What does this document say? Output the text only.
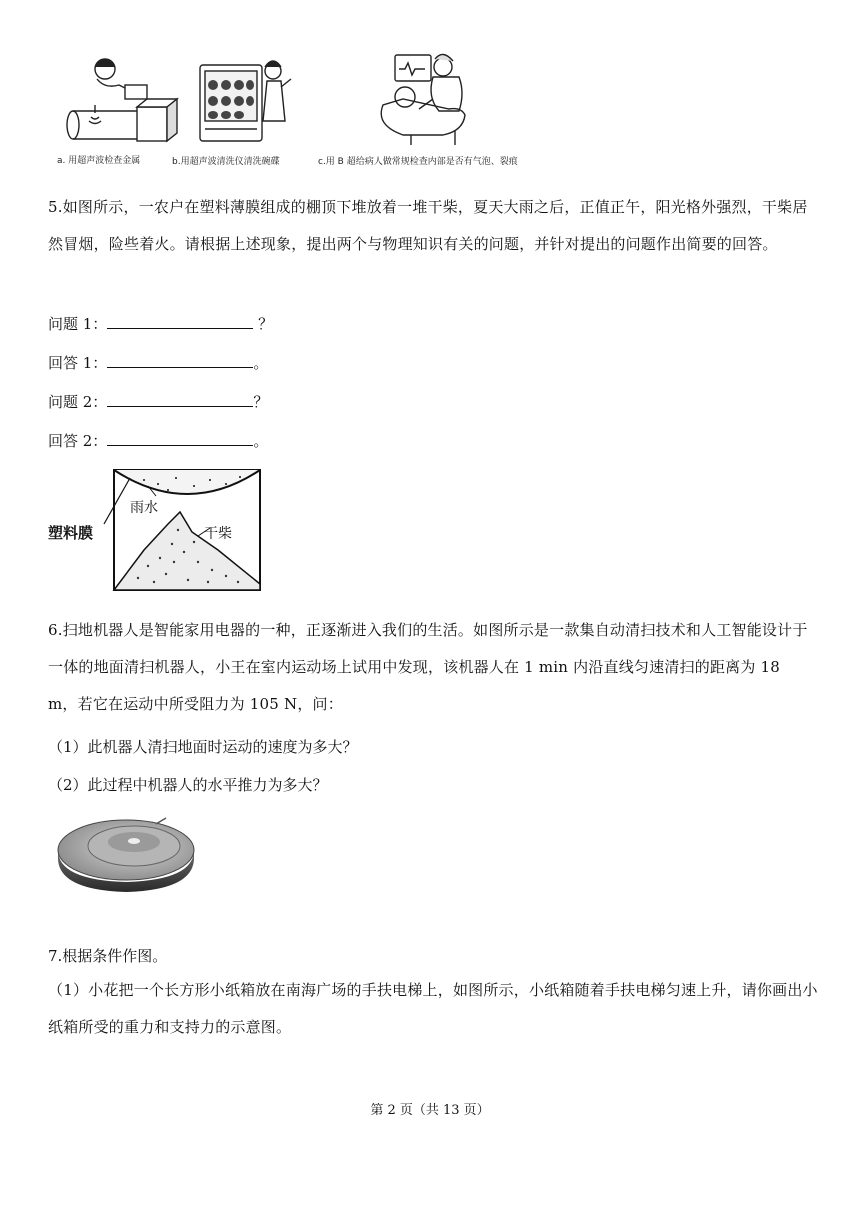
a. 用超声波检查金属	b.用超声波清洗仪清洗碗碟	c.用 B 超给病人做常规检查内部是否有气泡、裂痕
5.如图所示，一农户在塑料薄膜组成的棚顶下堆放着一堆干柴，夏天大雨之后，正值正午，阳光格外强烈，干柴居然冒烟，险些着火。请根据上述现象，提出两个与物理知识有关的问题，并针对提出的问题作出简要的回答。
问题 1：	？
回答 1：	。
问题 2：	？
回答 2：	。
塑料膜
雨水
干柴
6.扫地机器人是智能家用电器的一种，正逐渐进入我们的生活。如图所示是一款集自动清扫技术和人工智能设计于一体的地面清扫机器人，小王在室内运动场上试用中发现，该机器人在 1 min 内沿直线匀速清扫的距离为 18 m，若它在运动中所受阻力为 105 N，问：
（1）此机器人清扫地面时运动的速度为多大？
（2）此过程中机器人的水平推力为多大？
7.根据条件作图。
（1）小花把一个长方形小纸箱放在南海广场的手扶电梯上，如图所示，小纸箱随着手扶电梯匀速上升，请你画出小纸箱所受的重力和支持力的示意图。
第 2 页（共 13 页）
